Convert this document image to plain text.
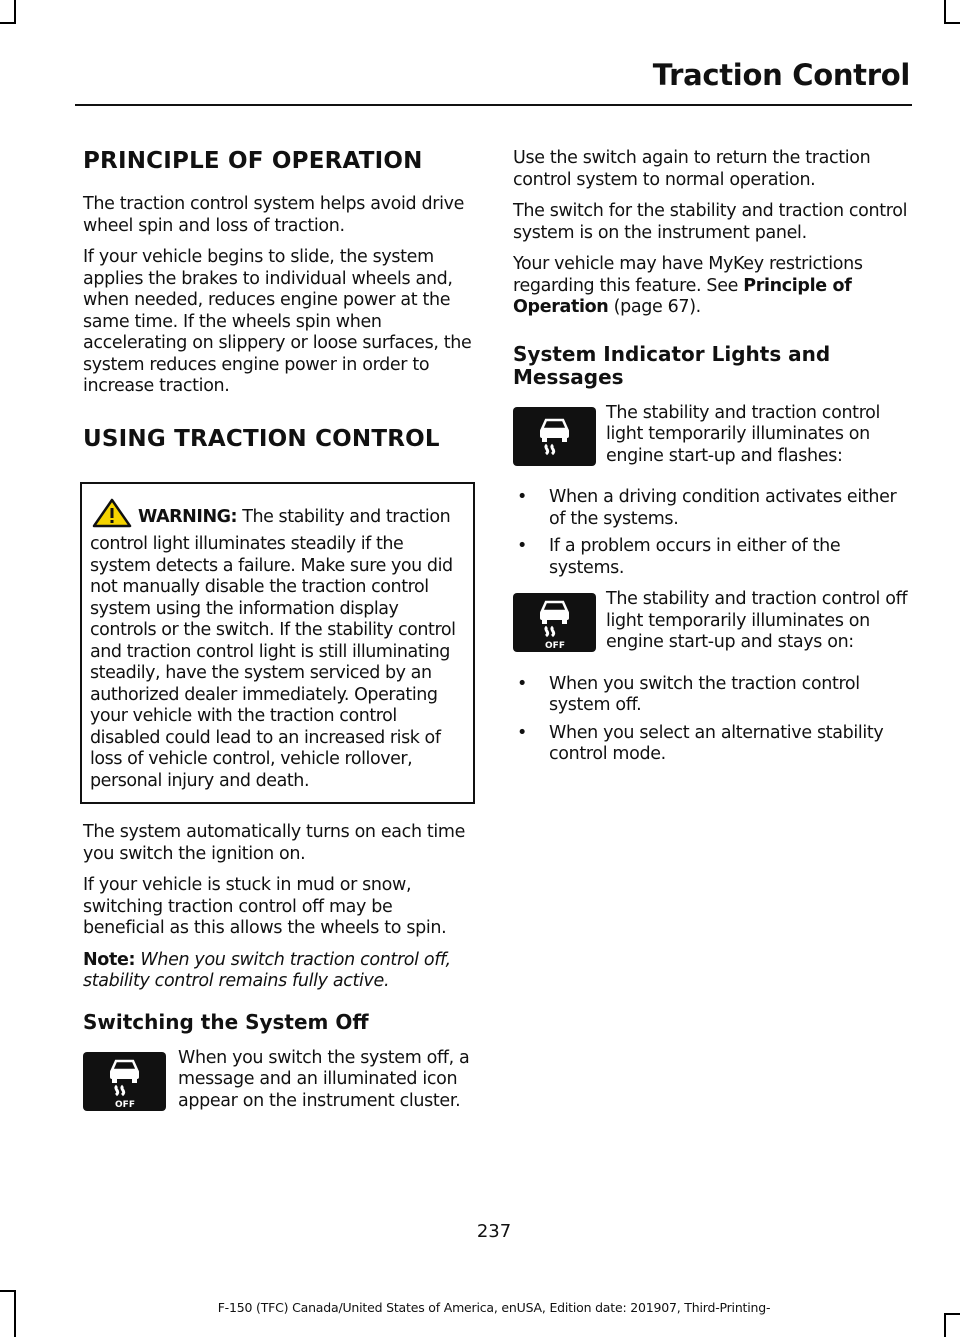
Traction Control
PRINCIPLE OF OPERATION

The traction control system helps avoid drive wheel spin and loss of traction.

If your vehicle begins to slide, the system applies the brakes to individual wheels and, when needed, reduces engine power at the same time. If the wheels spin when accelerating on slippery or loose surfaces, the system reduces engine power in order to increase traction.

USING TRACTION CONTROL
WARNING: The stability and traction control light illuminates steadily if the system detects a failure. Make sure you did not manually disable the traction control system using the information display controls or the switch. If the stability control and traction control light is still illuminating steadily, have the system serviced by an authorized dealer immediately. Operating your vehicle with the traction control disabled could lead to an increased risk of loss of vehicle control, vehicle rollover, personal injury and death.

The system automatically turns on each time you switch the ignition on.

If your vehicle is stuck in mud or snow, switching traction control off may be beneficial as this allows the wheels to spin.

Note: When you switch traction control off, stability control remains fully active.

Switching the System Off
OFF

When you switch the system off, a message and an illuminated icon appear on the instrument cluster.

Use the switch again to return the traction control system to normal operation.

The switch for the stability and traction control system is on the instrument panel.

Your vehicle may have MyKey restrictions regarding this feature. See Principle of Operation (page 67).

System Indicator Lights and Messages

The stability and traction control light temporarily illuminates on engine start-up and flashes:

• When a driving condition activates either of the systems.
• If a problem occurs in either of the systems.
OFF

The stability and traction control off light temporarily illuminates on engine start-up and stays on:

• When you switch the traction control system off.
• When you select an alternative stability control mode.
237
F-150 (TFC) Canada/United States of America, enUSA, Edition date: 201907, Third-Printing-
